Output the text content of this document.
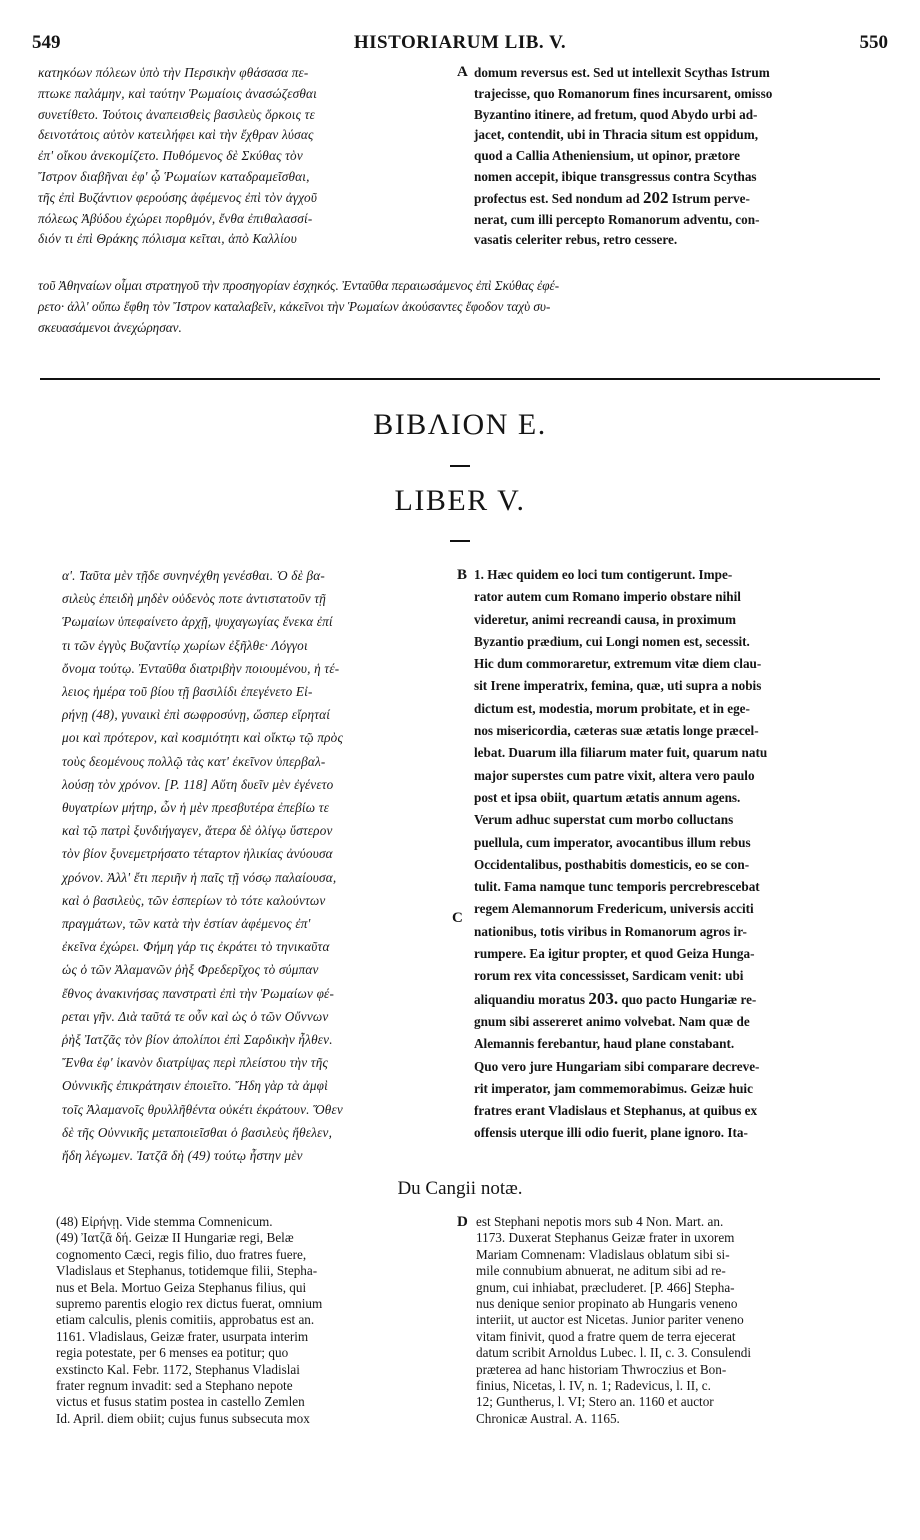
549	HISTORIARUM LIB. V.	550

κατηκόων πόλεων ὑπὸ τὴν Περσικὴν φθάσασα πε-

πτωκε παλάμην, καὶ ταύτην Ῥωμαίοις ἀνασώζεσθαι

συνετίθετο. Τούτοις ἀναπεισθεὶς βασιλεὺς ὅρκοις τε

δεινοτάτοις αὐτὸν κατειλήφει καὶ τὴν ἔχθραν λύσας

ἐπ' οἴκου ἀνεκομίζετο. Πυθόμενος δὲ Σκύθας τὸν

Ἴστρον διαβῆναι ἐφ' ᾧ Ῥωμαίων καταδραμεῖσθαι,

τῆς ἐπὶ Βυζάντιον φερούσης ἀφέμενος ἐπὶ τὸν ἀγχοῦ

πόλεως Ἀβύδου ἐχώρει πορθμόν, ἔνθα ἐπιθαλασσί-

διόν τι ἐπὶ Θράκης πόλισμα κεῖται, ἀπὸ Καλλίου

A domum reversus est. Sed ut intellexit Scythas Istrum

trajecisse, quo Romanorum fines incursarent, omisso

Byzantino itinere, ad fretum, quod Abydo urbi ad-

jacet, contendit, ubi in Thracia situm est oppidum,

quod a Callia Atheniensium, ut opinor, prætore

nomen accepit, ibique transgressus contra Scythas

profectus est. Sed nondum ad 202 Istrum perve-

nerat, cum illi percepto Romanorum adventu, con-

vasatis celeriter rebus, retro cessere.

τοῦ Ἀθηναίων οἶμαι στρατηγοῦ τὴν προσηγορίαν ἐσχηκός. Ἐνταῦθα περαιωσάμενος ἐπὶ Σκύθας ἐφέ-

ρετο· ἀλλ' οὔπω ἔφθη τὸν Ἴστρον καταλαβεῖν, κἀκεῖνοι τὴν Ῥωμαίων ἀκούσαντες ἔφοδον ταχὺ συ-

σκευασάμενοι ἀνεχώρησαν.

ΒΙΒΛΙΟΝ Ε.
LIBER V.

α'. Ταῦτα μὲν τῇδε συνηνέχθη γενέσθαι. Ὁ δὲ βα-

σιλεὺς ἐπειδὴ μηδὲν οὐδενὸς ποτε ἀντιστατοῦν τῇ

Ῥωμαίων ὑπεφαίνετο ἀρχῇ, ψυχαγωγίας ἕνεκα ἐπί

τι τῶν ἐγγὺς Βυζαντίῳ χωρίων ἐξῆλθε· Λόγγοι

ὄνομα τούτῳ. Ἐνταῦθα διατριβὴν ποιουμένου, ἡ τέ-

λειος ἡμέρα τοῦ βίου τῇ βασιλίδι ἐπεγένετο Εἰ-

ρήνῃ (48), γυναικὶ ἐπὶ σωφροσύνῃ, ὥσπερ εἴρηταί

μοι καὶ πρότερον, καὶ κοσμιότητι καὶ οἴκτῳ τῷ πρὸς

τοὺς δεομένους πολλῷ τὰς κατ' ἐκεῖνον ὑπερβαλ-

λούσῃ τὸν χρόνον. [P. 118] Αὕτη δυεῖν μὲν ἐγένετο

θυγατρίων μήτηρ, ὧν ἡ μὲν πρεσβυτέρα ἐπεβίω τε

καὶ τῷ πατρὶ ξυνδιήγαγεν, ἅτερα δὲ ὀλίγῳ ὕστερον

τὸν βίον ξυνεμετρήσατο τέταρτον ἡλικίας ἀνύουσα

χρόνον. Ἀλλ' ἔτι περιῆν ἡ παῖς τῇ νόσῳ παλαίουσα,

καὶ ὁ βασιλεὺς, τῶν ἑσπερίων τὸ τότε καλούντων

πραγμάτων, τῶν κατὰ τὴν ἑστίαν ἀφέμενος ἐπ'

ἐκεῖνα ἐχώρει. Φήμη γάρ τις ἐκράτει τὸ τηνικαῦτα

ὡς ὁ τῶν Ἀλαμανῶν ῥὴξ Φρεδερῖχος τὸ σύμπαν

ἔθνος ἀνακινήσας πανστρατὶ ἐπὶ τὴν Ῥωμαίων φέ-

ρεται γῆν. Διὰ ταῦτά τε οὖν καὶ ὡς ὁ τῶν Οὔννων

ῥὴξ Ἰατζᾶς τὸν βίον ἀπολίποι ἐπὶ Σαρδικὴν ἦλθεν.

Ἔνθα ἐφ' ἱκανὸν διατρίψας περὶ πλείστου τὴν τῆς

Οὐννικῆς ἐπικράτησιν ἐποιεῖτο. Ἤδη γὰρ τὰ ἀμφὶ

τοῖς Ἀλαμανοῖς θρυλλῆθέντα οὐκέτι ἐκράτουν. Ὅθεν

δὲ τῆς Οὐννικῆς μεταποιεῖσθαι ὁ βασιλεὺς ἤθελεν,

ἤδη λέγωμεν. Ἰατζᾶ δὴ (49) τούτῳ ἦστην μὲν

B
C

1. Hæc quidem eo loci tum contigerunt. Impe-

rator autem cum Romano imperio obstare nihil

videretur, animi recreandi causa, in proximum

Byzantio prædium, cui Longi nomen est, secessit.

Hic dum commoraretur, extremum vitæ diem clau-

sit Irene imperatrix, femina, quæ, uti supra a nobis

dictum est, modestia, morum probitate, et in ege-

nos misericordia, cæteras suæ ætatis longe præcel-

lebat. Duarum illa filiarum mater fuit, quarum natu

major superstes cum patre vixit, altera vero paulo

post et ipsa obiit, quartum ætatis annum agens.

Verum adhuc superstat cum morbo colluctans

puellula, cum imperator, avocantibus illum rebus

Occidentalibus, posthabitis domesticis, eo se con-

tulit. Fama namque tunc temporis percrebrescebat

regem Alemannorum Fredericum, universis acciti

nationibus, totis viribus in Romanorum agros ir-

rumpere. Ea igitur propter, et quod Geiza Hunga-

rorum rex vita concessisset, Sardicam venit: ubi

aliquandiu moratus 203. quo pacto Hungariæ re-

gnum sibi assereret animo volvebat. Nam quæ de

Alemannis ferebantur, haud plane constabant.

Quo vero jure Hungariam sibi comparare decreve-

rit imperator, jam commemorabimus. Geizæ huic

fratres erant Vladislaus et Stephanus, at quibus ex

offensis uterque illi odio fuerit, plane ignoro. Ita-

Du Cangii notæ.

(48) Εἰρήνῃ. Vide stemma Comnenicum.

(49) Ἰατζᾶ δή. Geizæ II Hungariæ regi, Belæ

cognomento Cæci, regis filio, duo fratres fuere,

Vladislaus et Stephanus, totidemque filii, Stepha-

nus et Bela. Mortuo Geiza Stephanus filius, qui

supremo parentis elogio rex dictus fuerat, omnium

etiam calculis, plenis comitiis, approbatus est an.

1161. Vladislaus, Geizæ frater, usurpata interim

regia potestate, per 6 menses ea potitur; quo

exstincto Kal. Febr. 1172, Stephanus Vladislai

frater regnum invadit: sed a Stephano nepote

victus et fusus statim postea in castello Zemlen

Id. April. diem obiit; cujus funus subsecuta mox

D est Stephani nepotis mors sub 4 Non. Mart. an.

1173. Duxerat Stephanus Geizæ frater in uxorem

Mariam Comnenam: Vladislaus oblatum sibi si-

mile connubium abnuerat, ne aditum sibi ad re-

gnum, cui inhiabat, præcluderet. [P. 466] Stepha-

nus denique senior propinato ab Hungaris veneno

interiit, ut auctor est Nicetas. Junior pariter veneno

vitam finivit, quod a fratre quem de terra ejecerat

datum scribit Arnoldus Lubec. l. II, c. 3. Consulendi

præterea ad hanc historiam Thwroczius et Bon-

finius, Nicetas, l. IV, n. 1; Radevicus, l. II, c.

12; Guntherus, l. VI; Stero an. 1160 et auctor

Chronicæ Austral. A. 1165.
